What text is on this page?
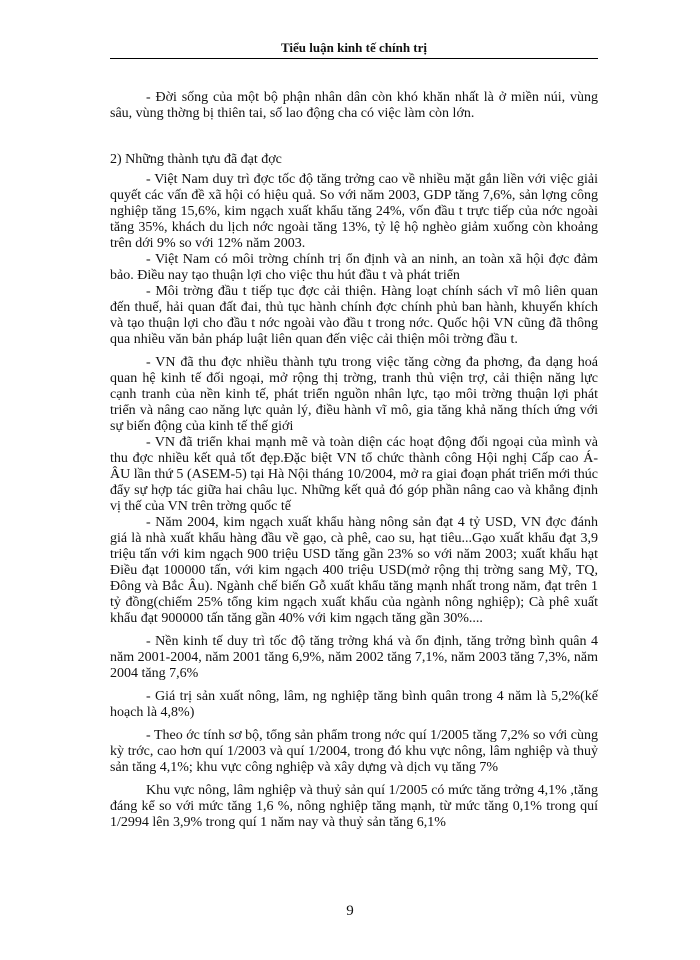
Tiểu luận kinh tế chính trị

- Đời sống của một bộ phận nhân dân còn khó khăn nhất là ở miền núi, vùng sâu, vùng thờng bị thiên tai, số lao động cha có việc làm còn lớn.

2) Những thành tựu đã đạt đợc

- Việt Nam duy trì đợc tốc độ tăng trởng cao về nhiều mặt gắn liền với việc giải quyết các vấn đề xã hội có hiệu quả. So với năm 2003, GDP tăng 7,6%, sản lợng công nghiệp tăng 15,6%, kim ngạch xuất khẩu tăng 24%, vốn đầu t trực tiếp của nớc ngoài tăng 35%, khách du lịch nớc ngoài tăng 13%, tỷ lệ hộ nghèo giảm xuống còn khoảng trên dới 9% so với 12% năm 2003.

- Việt Nam có môi trờng chính trị ổn định và an ninh, an toàn xã hội đợc đảm bảo. Điều nay tạo thuận lợi cho việc thu hút đầu t và phát triển

- Môi trờng đầu t tiếp tục đợc cải thiện. Hàng loạt chính sách vĩ mô liên quan đến thuế, hải quan đất đai, thủ tục hành chính đợc chính phủ ban hành, khuyến khích và tạo thuận lợi cho đầu t nớc ngoài vào đầu t trong nớc. Quốc hội VN cũng đã thông qua nhiều văn bản pháp luật liên quan đến việc cải thiện môi trờng đầu t.

- VN đã thu đợc nhiều thành tựu trong việc tăng cờng đa phơng, đa dạng hoá quan hệ kinh tế đối ngoại, mở rộng thị trờng, tranh thủ viện trợ, cải thiện năng lực cạnh tranh của nền kinh tế, phát triển nguồn nhân lực, tạo môi trờng thuận lợi phát triển và nâng cao năng lực quản lý, điều hành vĩ mô, gia tăng khả năng thích ứng với sự biến động của kinh tế thế giới

- VN đã triển khai mạnh mẽ và toàn diện các hoạt động đối ngoại của mình và thu đợc nhiều kết quả tốt đẹp.Đặc biệt VN tổ chức thành công Hội nghị Cấp cao Á- ÂU lần thứ 5 (ASEM-5) tại Hà Nội tháng 10/2004, mở ra giai đoạn phát triển mới thúc đẩy sự hợp tác giữa hai châu lục. Những kết quả đó góp phần nâng cao và khẳng định vị thế của VN trên trờng quốc tế

- Năm 2004, kim ngạch xuất khẩu hàng nông sản đạt 4 tỷ USD, VN đợc đánh giá là nhà xuất khẩu hàng đầu về gạo, cà phê, cao su, hạt tiêu...Gạo xuất khẩu đạt 3,9 triệu tấn với kim ngạch 900 triệu USD tăng gần 23% so với năm 2003; xuất khẩu hạt Điều đạt 100000 tấn, với kim ngạch 400 triệu USD(mở rộng thị trờng sang Mỹ, TQ, Đông và Bắc Âu). Ngành chế biến Gỗ xuất khẩu tăng mạnh nhất trong năm, đạt trên 1 tỷ đồng(chiếm 25% tổng kim ngạch xuất khẩu của ngành nông nghiệp); Cà phê xuất khẩu đạt 900000 tấn tăng gần 40% với kim ngạch tăng gần 30%....

- Nền kinh tế duy trì tốc độ tăng trởng khá và ổn định, tăng trởng bình quân 4 năm 2001-2004, năm 2001 tăng 6,9%, năm 2002 tăng 7,1%, năm 2003 tăng 7,3%, năm 2004 tăng 7,6%

- Giá trị sản xuất nông, lâm, ng nghiệp tăng bình quân trong 4 năm là 5,2%(kế hoạch là 4,8%)

- Theo ớc tính sơ bộ, tổng sản phẩm trong nớc quí 1/2005 tăng 7,2% so với cùng kỳ trớc, cao hơn quí 1/2003 và quí 1/2004, trong đó khu vực nông, lâm nghiệp và thuỷ sản tăng 4,1%; khu vực công nghiệp và xây dựng và dịch vụ tăng 7%

Khu vực nông, lâm nghiệp và thuỷ sản quí 1/2005 có mức tăng trởng 4,1% ,tăng đáng kể so với mức tăng 1,6 %, nông nghiệp tăng mạnh, từ mức tăng 0,1% trong quí 1/2994 lên 3,9% trong quí 1 năm nay và thuỷ sản tăng 6,1%

9
